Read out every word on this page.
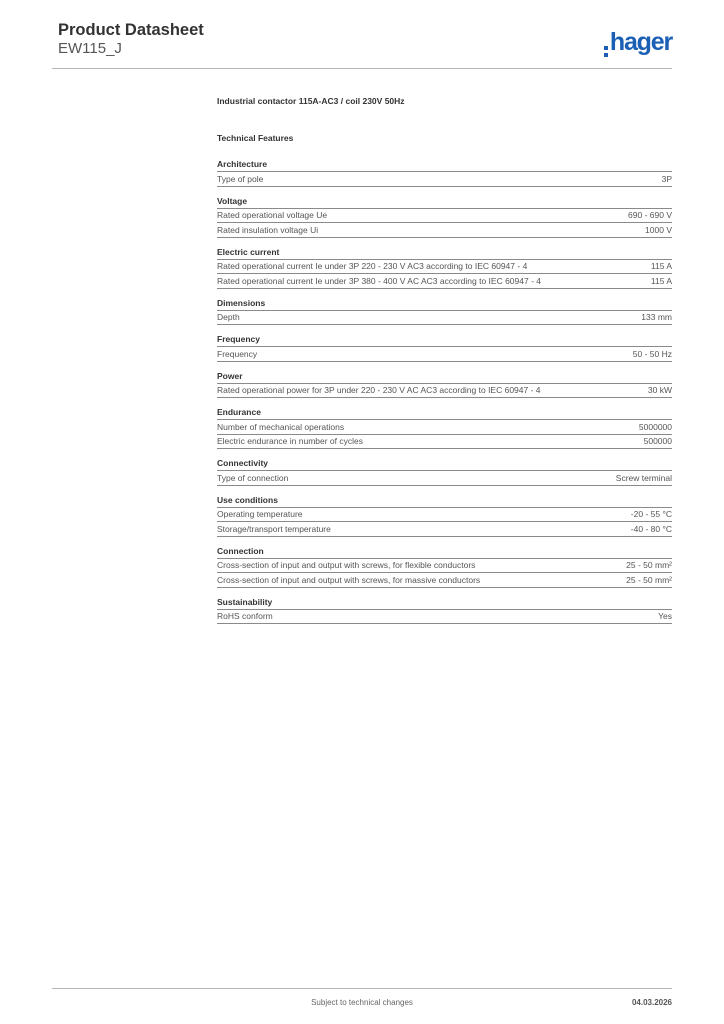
Product Datasheet
EW115_J	hager
Industrial contactor 115A-AC3 / coil 230V 50Hz
Technical Features
Architecture
Type of pole	3P
Voltage
Rated operational voltage Ue	690 - 690 V
Rated insulation voltage Ui	1000 V
Electric current
Rated operational current Ie under 3P 220 - 230 V AC3 according to IEC 60947 - 4	115 A
Rated operational current Ie under 3P 380 - 400 V AC AC3 according to IEC 60947 - 4	115 A
Dimensions
Depth	133 mm
Frequency
Frequency	50 - 50 Hz
Power
Rated operational power for 3P under 220 - 230 V AC AC3 according to IEC 60947 - 4	30 kW
Endurance
Number of mechanical operations	5000000
Electric endurance in number of cycles	500000
Connectivity
Type of connection	Screw terminal
Use conditions
Operating temperature	-20 - 55 °C
Storage/transport temperature	-40 - 80 °C
Connection
Cross-section of input and output with screws, for flexible conductors	25 - 50 mm²
Cross-section of input and output with screws, for massive conductors	25 - 50 mm²
Sustainability
RoHS conform	Yes
Subject to technical changes	04.03.2026
